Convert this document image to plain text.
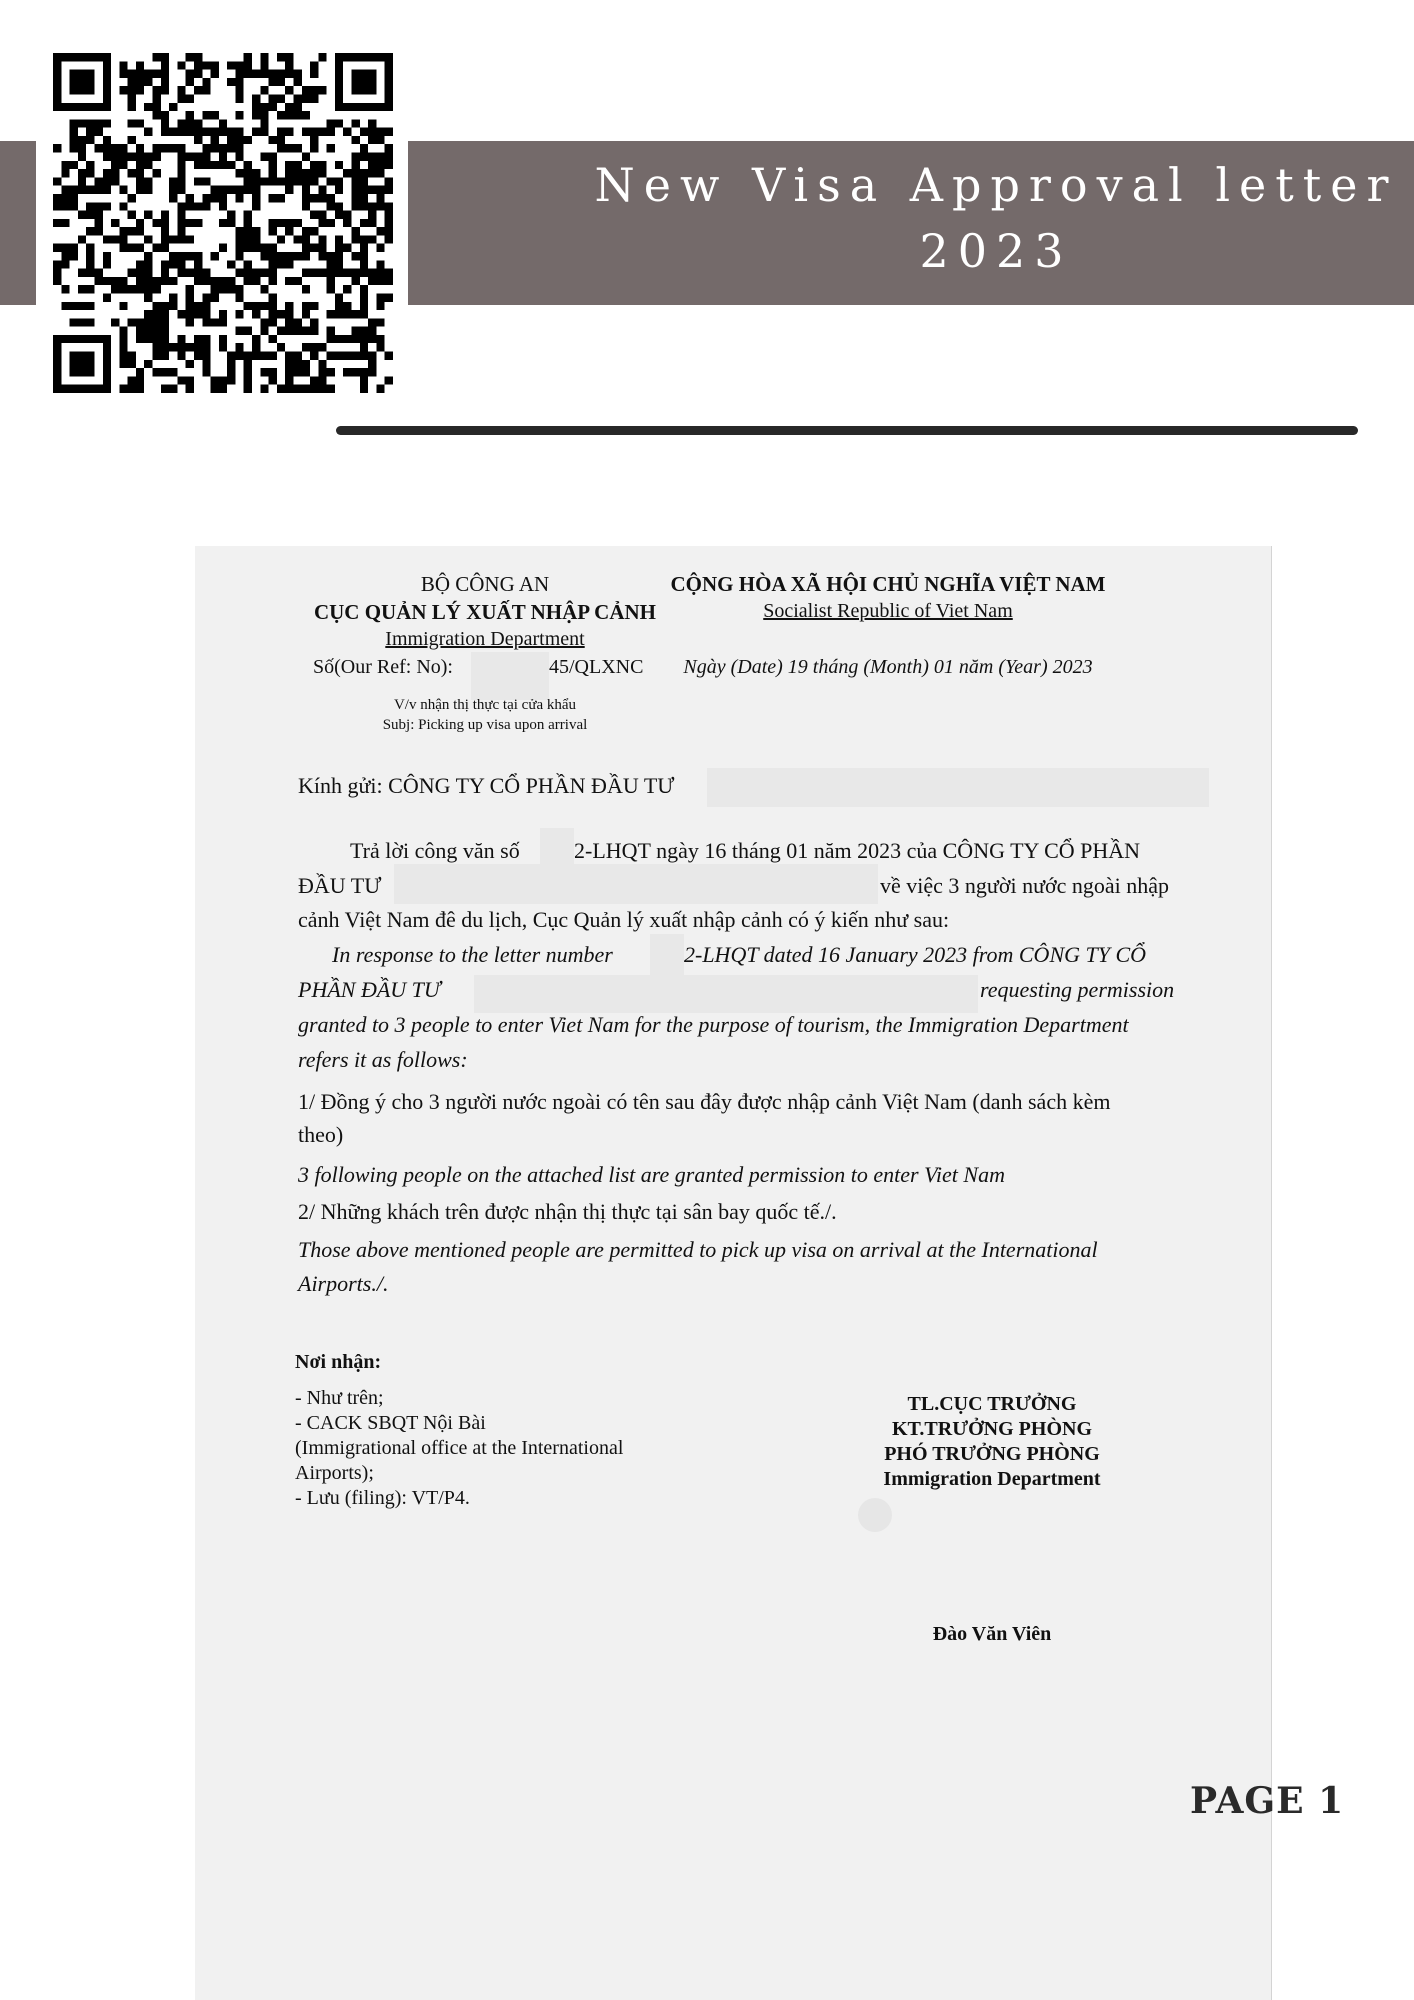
New Visa Approval letter
2023
BỘ CÔNG AN
CỤC QUẢN LÝ XUẤT NHẬP CẢNH
Immigration Department
Số(Our Ref: No):	45/QLXNC
V/v nhận thị thực tại cửa khẩu
Subj: Picking up visa upon arrival
CỘNG HÒA XÃ HỘI CHỦ NGHĨA VIỆT NAM
Socialist Republic of Viet Nam
Ngày (Date) 19 tháng (Month) 01 năm (Year) 2023
Kính gửi: CÔNG TY CỔ PHẦN ĐẦU TƯ
Trả lời công văn số 2-LHQT ngày 16 tháng 01 năm 2023 của CÔNG TY CỔ PHẦN
ĐẦU TƯ	về việc 3 người nước ngoài nhập
cảnh Việt Nam đê du lịch, Cục Quản lý xuất nhập cảnh có ý kiến như sau:
In response to the letter number	2-LHQT dated 16 January 2023 from CÔNG TY CỔ
PHẦN ĐẦU TƯ	requesting permission
granted to 3 people to enter Viet Nam for the purpose of tourism, the Immigration Department
refers it as follows:
1/ Đồng ý cho 3 người nước ngoài có tên sau đây được nhập cảnh Việt Nam (danh sách kèm
theo)
3 following people on the attached list are granted permission to enter Viet Nam
2/ Những khách trên được nhận thị thực tại sân bay quốc tế./.
Those above mentioned people are permitted to pick up visa on arrival at the International
Airports./.
Nơi nhận:
- Như trên;
- CACK SBQT Nội Bài
(Immigrational office at the International
Airports);
- Lưu (filing): VT/P4.
TL.CỤC TRƯỞNG
KT.TRƯỞNG PHÒNG
PHÓ TRƯỞNG PHÒNG
Immigration Department
Đào Văn Viên
PAGE 1
